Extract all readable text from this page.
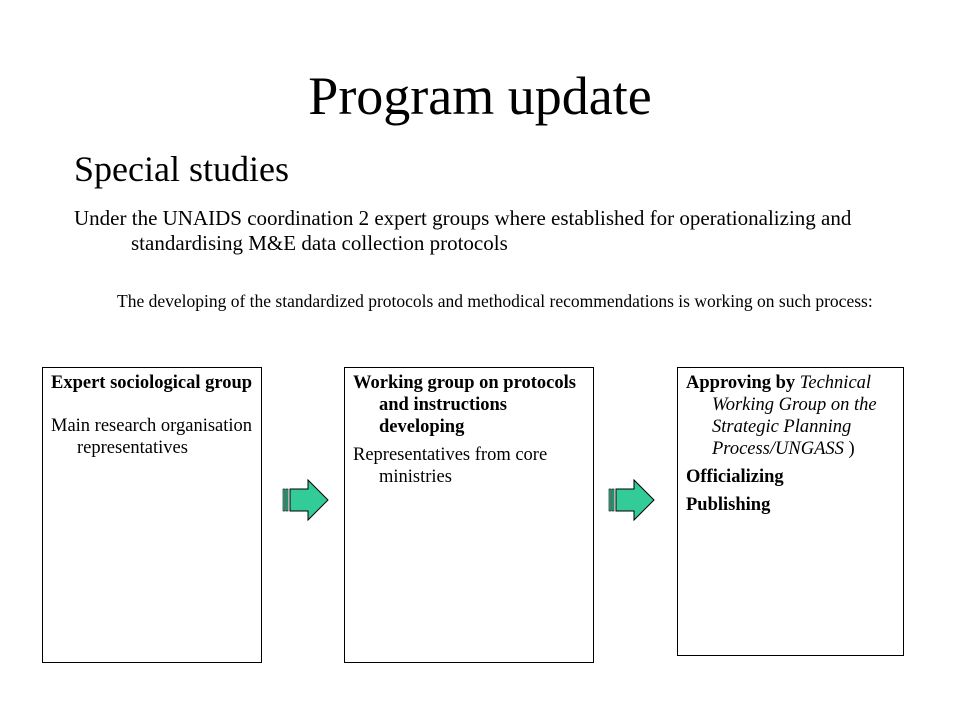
Program update
Special studies
Under the UNAIDS coordination 2 expert groups where established for operationalizing and standardising M&E data collection protocols
The developing of the standardized protocols and methodical recommendations is working on such process:

Expert sociological group

Main research organisation representatives

Working group on protocols and instructions developing

Representatives from core ministries

Approving by Technical Working Group on the Strategic Planning Process/UNGASS )

Officializing

Publishing
